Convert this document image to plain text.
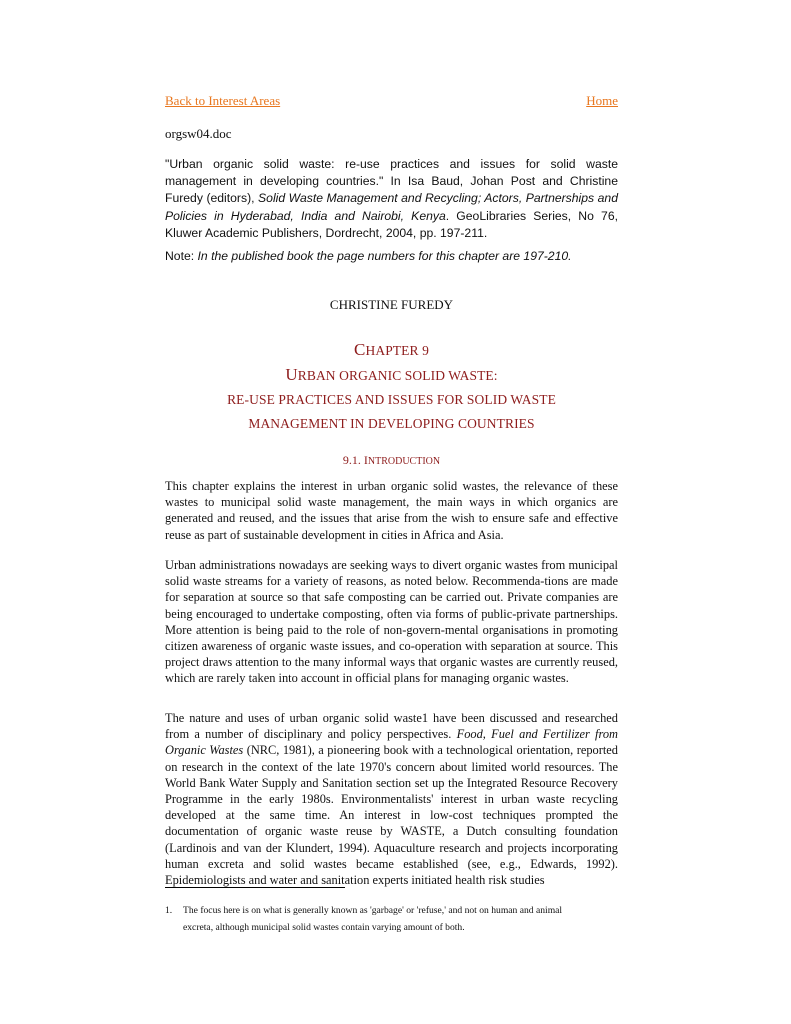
Back to Interest Areas	Home
orgsw04.doc
"Urban organic solid waste: re-use practices and issues for solid waste management in developing countries." In Isa Baud, Johan Post and Christine Furedy (editors), Solid Waste Management and Recycling; Actors, Partnerships and Policies in Hyderabad, India and Nairobi, Kenya. GeoLibraries Series, No 76, Kluwer Academic Publishers, Dordrecht, 2004, pp. 197-211.
Note: In the published book the page numbers for this chapter are 197-210.
CHRISTINE FUREDY
CHAPTER 9
URBAN ORGANIC SOLID WASTE:
RE-USE PRACTICES AND ISSUES FOR SOLID WASTE
MANAGEMENT IN DEVELOPING COUNTRIES
9.1. INTRODUCTION

This chapter explains the interest in urban organic solid wastes, the relevance of these wastes to municipal solid waste management, the main ways in which organics are generated and reused, and the issues that arise from the wish to ensure safe and effective reuse as part of sustainable development in cities in Africa and Asia.

Urban administrations nowadays are seeking ways to divert organic wastes from municipal solid waste streams for a variety of reasons, as noted below. Recommenda-tions are made for separation at source so that safe composting can be carried out. Private companies are being encouraged to undertake composting, often via forms of public-private partnerships. More attention is being paid to the role of non-govern-mental organisations in promoting citizen awareness of organic waste issues, and co-operation with separation at source. This project draws attention to the many informal ways that organic wastes are currently reused, which are rarely taken into account in official plans for managing organic wastes.

The nature and uses of urban organic solid waste1 have been discussed and researched from a number of disciplinary and policy perspectives. Food, Fuel and Fertilizer from Organic Wastes (NRC, 1981), a pioneering book with a technological orientation, reported on research in the context of the late 1970's concern about limited world resources. The World Bank Water Supply and Sanitation section set up the Integrated Resource Recovery Programme in the early 1980s. Environmentalists' interest in urban waste recycling developed at the same time. An interest in low-cost techniques prompted the documentation of organic waste reuse by WASTE, a Dutch consulting foundation (Lardinois and van der Klundert, 1994). Aquaculture research and projects incorporating human excreta and solid wastes became established (see, e.g., Edwards, 1992). Epidemiologists and water and sanitation experts initiated health risk studies

1. The focus here is on what is generally known as 'garbage' or 'refuse,' and not on human and animal
excreta, although municipal solid wastes contain varying amount of both.
